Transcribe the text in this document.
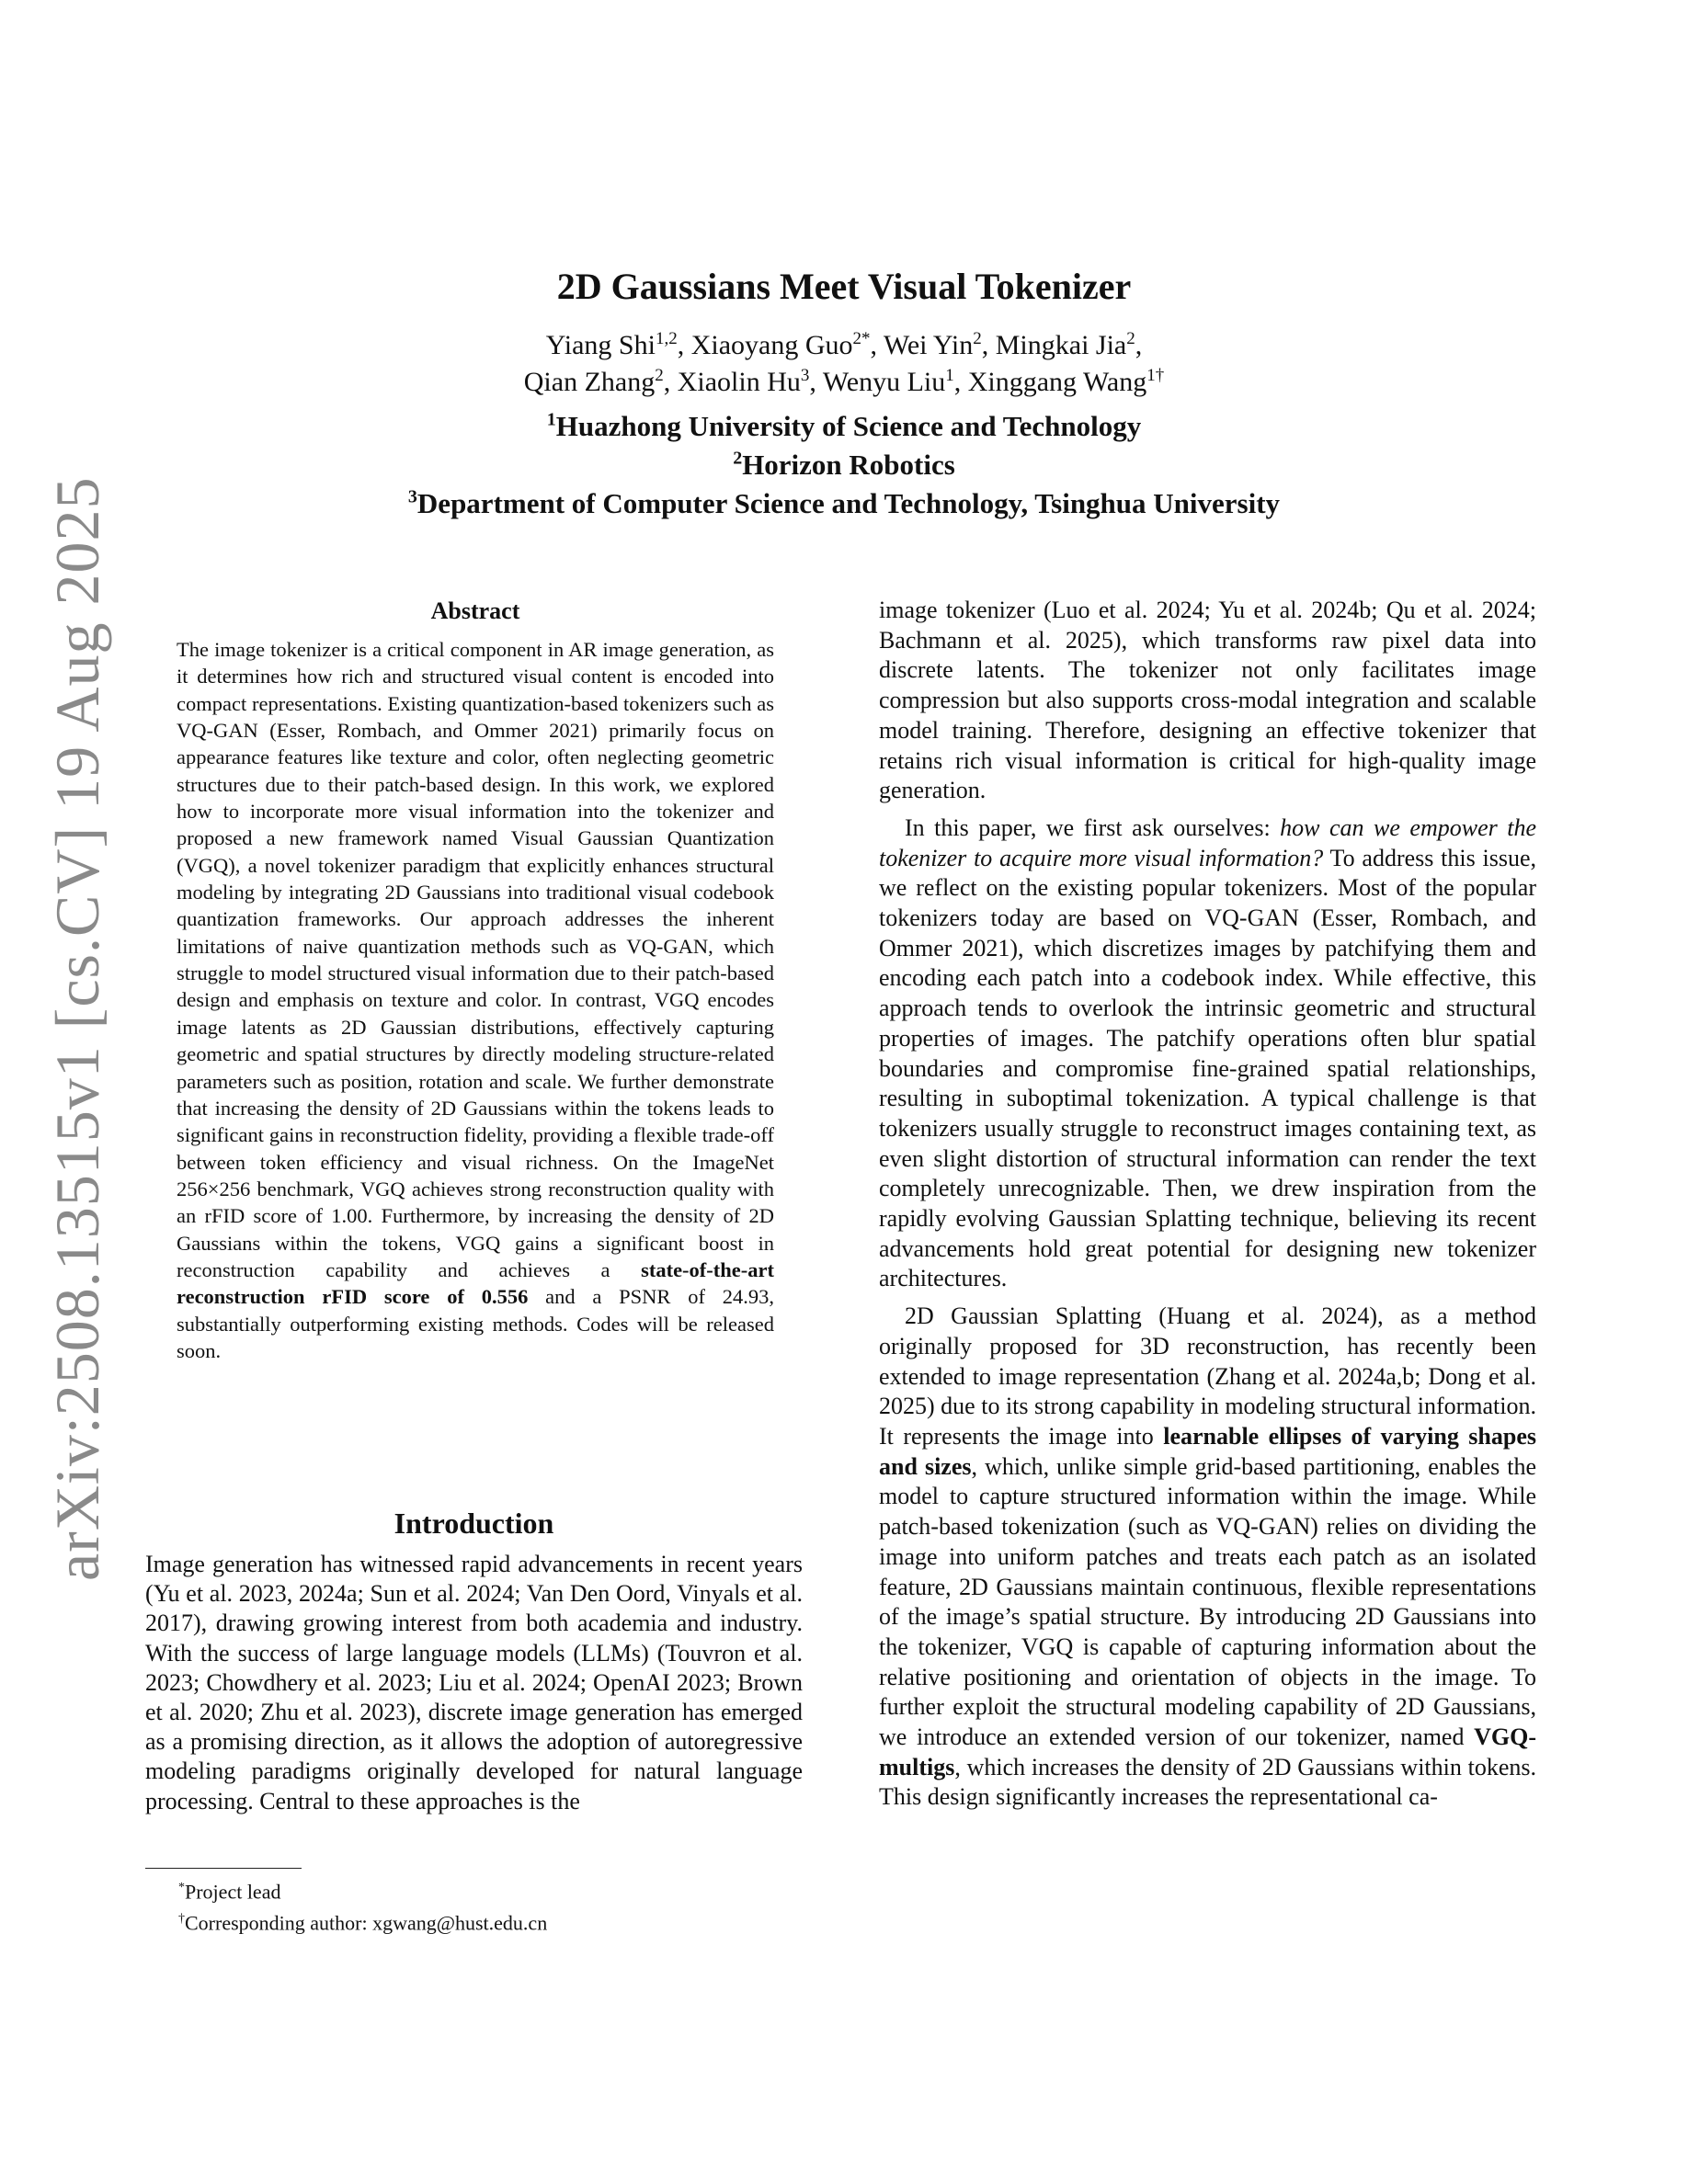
arXiv:2508.13515v1 [cs.CV] 19 Aug 2025
2D Gaussians Meet Visual Tokenizer
Yiang Shi$^{1,2}$, Xiaoyang Guo$^{2*}$, Wei Yin$^2$, Mingkai Jia$^2$,
Qian Zhang$^2$, Xiaolin Hu$^3$, Wenyu Liu$^1$, Xinggang Wang$^{1\dagger}$
$^1$Huazhong University of Science and Technology
$^2$Horizon Robotics
$^3$Department of Computer Science and Technology, Tsinghua University
Abstract
The image tokenizer is a critical component in AR image generation, as it determines how rich and structured visual content is encoded into compact representations. Existing quantization-based tokenizers such as VQ-GAN (Esser, Rombach, and Ommer 2021) primarily focus on appearance features like texture and color, often neglecting geometric structures due to their patch-based design. In this work, we explored how to incorporate more visual information into the tokenizer and proposed a new framework named Visual Gaussian Quantization (VGQ), a novel tokenizer paradigm that explicitly enhances structural modeling by integrating 2D Gaussians into traditional visual codebook quantization frameworks. Our approach addresses the inherent limitations of naive quantization methods such as VQ-GAN, which struggle to model structured visual information due to their patch-based design and emphasis on texture and color. In contrast, VGQ encodes image latents as 2D Gaussian distributions, effectively capturing geometric and spatial structures by directly modeling structure-related parameters such as position, rotation and scale. We further demonstrate that increasing the density of 2D Gaussians within the tokens leads to significant gains in reconstruction fidelity, providing a flexible trade-off between token efficiency and visual richness. On the ImageNet 256×256 benchmark, VGQ achieves strong reconstruction quality with an rFID score of 1.00. Furthermore, by increasing the density of 2D Gaussians within the tokens, VGQ gains a significant boost in reconstruction capability and achieves a state-of-the-art reconstruction rFID score of 0.556 and a PSNR of 24.93, substantially outperforming existing methods. Codes will be released soon.
Introduction
Image generation has witnessed rapid advancements in recent years (Yu et al. 2023, 2024a; Sun et al. 2024; Van Den Oord, Vinyals et al. 2017), drawing growing interest from both academia and industry. With the success of large language models (LLMs) (Touvron et al. 2023; Chowdhery et al. 2023; Liu et al. 2024; OpenAI 2023; Brown et al. 2020; Zhu et al. 2023), discrete image generation has emerged as a promising direction, as it allows the adoption of autoregressive modeling paradigms originally developed for natural language processing. Central to these approaches is the

image tokenizer (Luo et al. 2024; Yu et al. 2024b; Qu et al. 2024; Bachmann et al. 2025), which transforms raw pixel data into discrete latents. The tokenizer not only facilitates image compression but also supports cross-modal integration and scalable model training. Therefore, designing an effective tokenizer that retains rich visual information is critical for high-quality image generation.

In this paper, we first ask ourselves: how can we empower the tokenizer to acquire more visual information? To address this issue, we reflect on the existing popular tokenizers. Most of the popular tokenizers today are based on VQ-GAN (Esser, Rombach, and Ommer 2021), which discretizes images by patchifying them and encoding each patch into a codebook index. While effective, this approach tends to overlook the intrinsic geometric and structural properties of images. The patchify operations often blur spatial boundaries and compromise fine-grained spatial relationships, resulting in suboptimal tokenization. A typical challenge is that tokenizers usually struggle to reconstruct images containing text, as even slight distortion of structural information can render the text completely unrecognizable. Then, we drew inspiration from the rapidly evolving Gaussian Splatting technique, believing its recent advancements hold great potential for designing new tokenizer architectures.

2D Gaussian Splatting (Huang et al. 2024), as a method originally proposed for 3D reconstruction, has recently been extended to image representation (Zhang et al. 2024a,b; Dong et al. 2025) due to its strong capability in modeling structural information. It represents the image into learnable ellipses of varying shapes and sizes, which, unlike simple grid-based partitioning, enables the model to capture structured information within the image. While patch-based tokenization (such as VQ-GAN) relies on dividing the image into uniform patches and treats each patch as an isolated feature, 2D Gaussians maintain continuous, flexible representations of the image’s spatial structure. By introducing 2D Gaussians into the tokenizer, VGQ is capable of capturing information about the relative positioning and orientation of objects in the image. To further exploit the structural modeling capability of 2D Gaussians, we introduce an extended version of our tokenizer, named VGQ-multigs, which increases the density of 2D Gaussians within tokens. This design significantly increases the representational ca-

*Project lead
†Corresponding author: xgwang@hust.edu.cn
